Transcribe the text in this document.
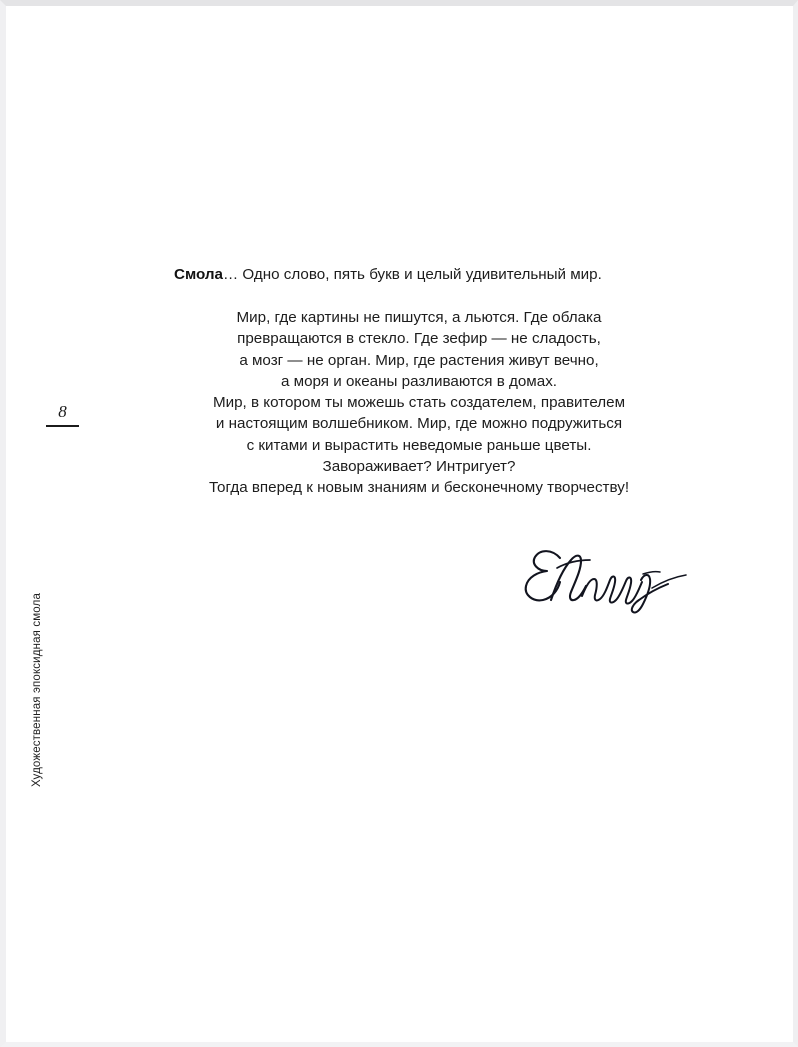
8
Художественная эпоксидная смола

Смола… Одно слово, пять букв и целый удивительный мир.

Мир, где картины не пишутся, а льются. Где облака
превращаются в стекло. Где зефир — не сладость,
а мозг — не орган. Мир, где растения живут вечно,
а моря и океаны разливаются в домах.
Мир, в котором ты можешь стать создателем, правителем
и настоящим волшебником. Мир, где можно подружиться
с китами и вырастить неведомые раньше цветы.
Завораживает? Интригует?
Тогда вперед к новым знаниям и бесконечному творчеству!
